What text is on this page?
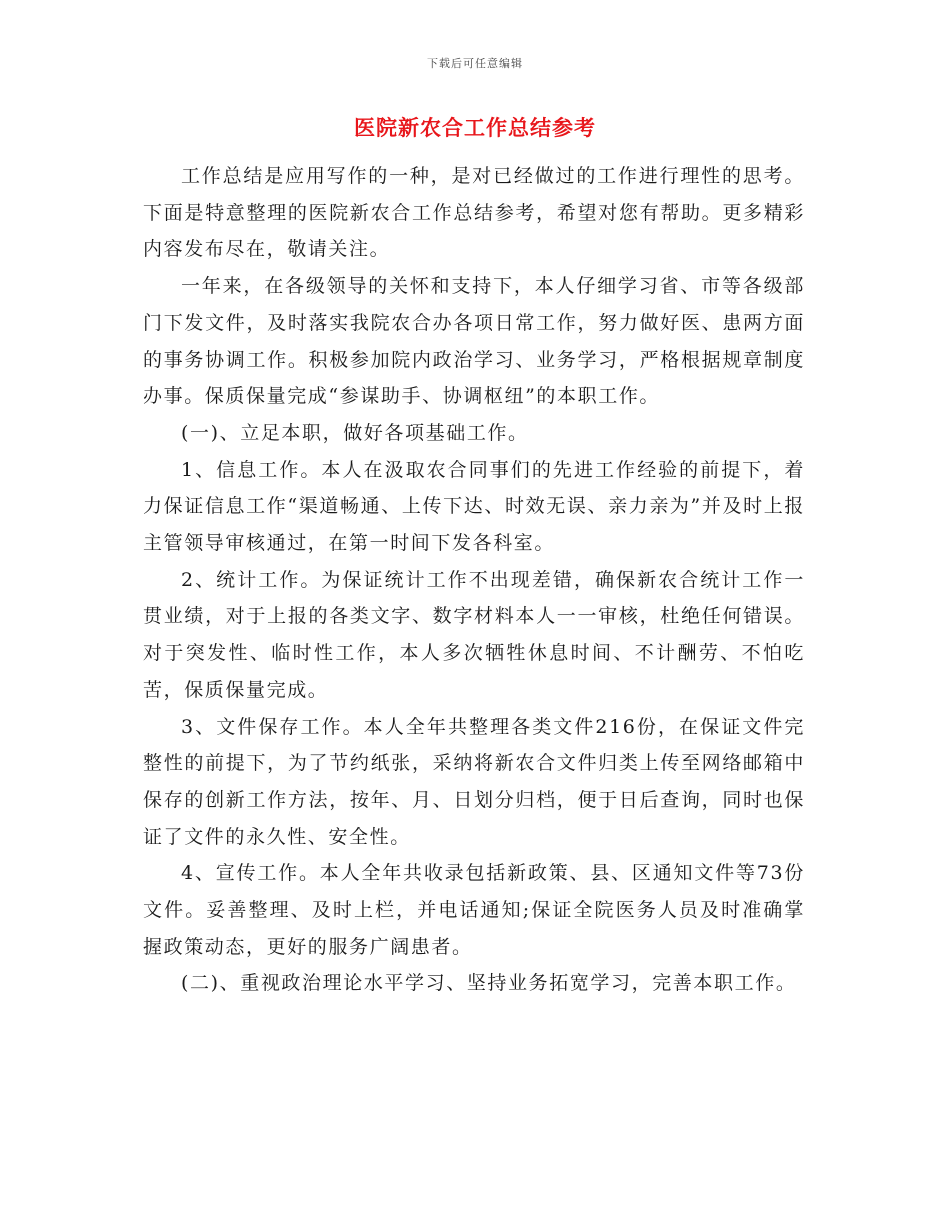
下载后可任意编辑
医院新农合工作总结参考

工作总结是应用写作的一种，是对已经做过的工作进行理性的思考。下面是特意整理的医院新农合工作总结参考，希望对您有帮助。更多精彩内容发布尽在，敬请关注。

一年来，在各级领导的关怀和支持下，本人仔细学习省、市等各级部门下发文件，及时落实我院农合办各项日常工作，努力做好医、患两方面的事务协调工作。积极参加院内政治学习、业务学习，严格根据规章制度办事。保质保量完成“参谋助手、协调枢纽”的本职工作。

(一)、立足本职，做好各项基础工作。

1、信息工作。本人在汲取农合同事们的先进工作经验的前提下，着力保证信息工作“渠道畅通、上传下达、时效无误、亲力亲为”并及时上报主管领导审核通过，在第一时间下发各科室。

2、统计工作。为保证统计工作不出现差错，确保新农合统计工作一贯业绩，对于上报的各类文字、数字材料本人一一审核，杜绝任何错误。对于突发性、临时性工作，本人多次牺牲休息时间、不计酬劳、不怕吃苦，保质保量完成。

3、文件保存工作。本人全年共整理各类文件216份，在保证文件完整性的前提下，为了节约纸张，采纳将新农合文件归类上传至网络邮箱中保存的创新工作方法，按年、月、日划分归档，便于日后查询，同时也保证了文件的永久性、安全性。

4、宣传工作。本人全年共收录包括新政策、县、区通知文件等73份文件。妥善整理、及时上栏，并电话通知;保证全院医务人员及时准确掌握政策动态，更好的服务广阔患者。

(二)、重视政治理论水平学习、坚持业务拓宽学习，完善本职工作。
